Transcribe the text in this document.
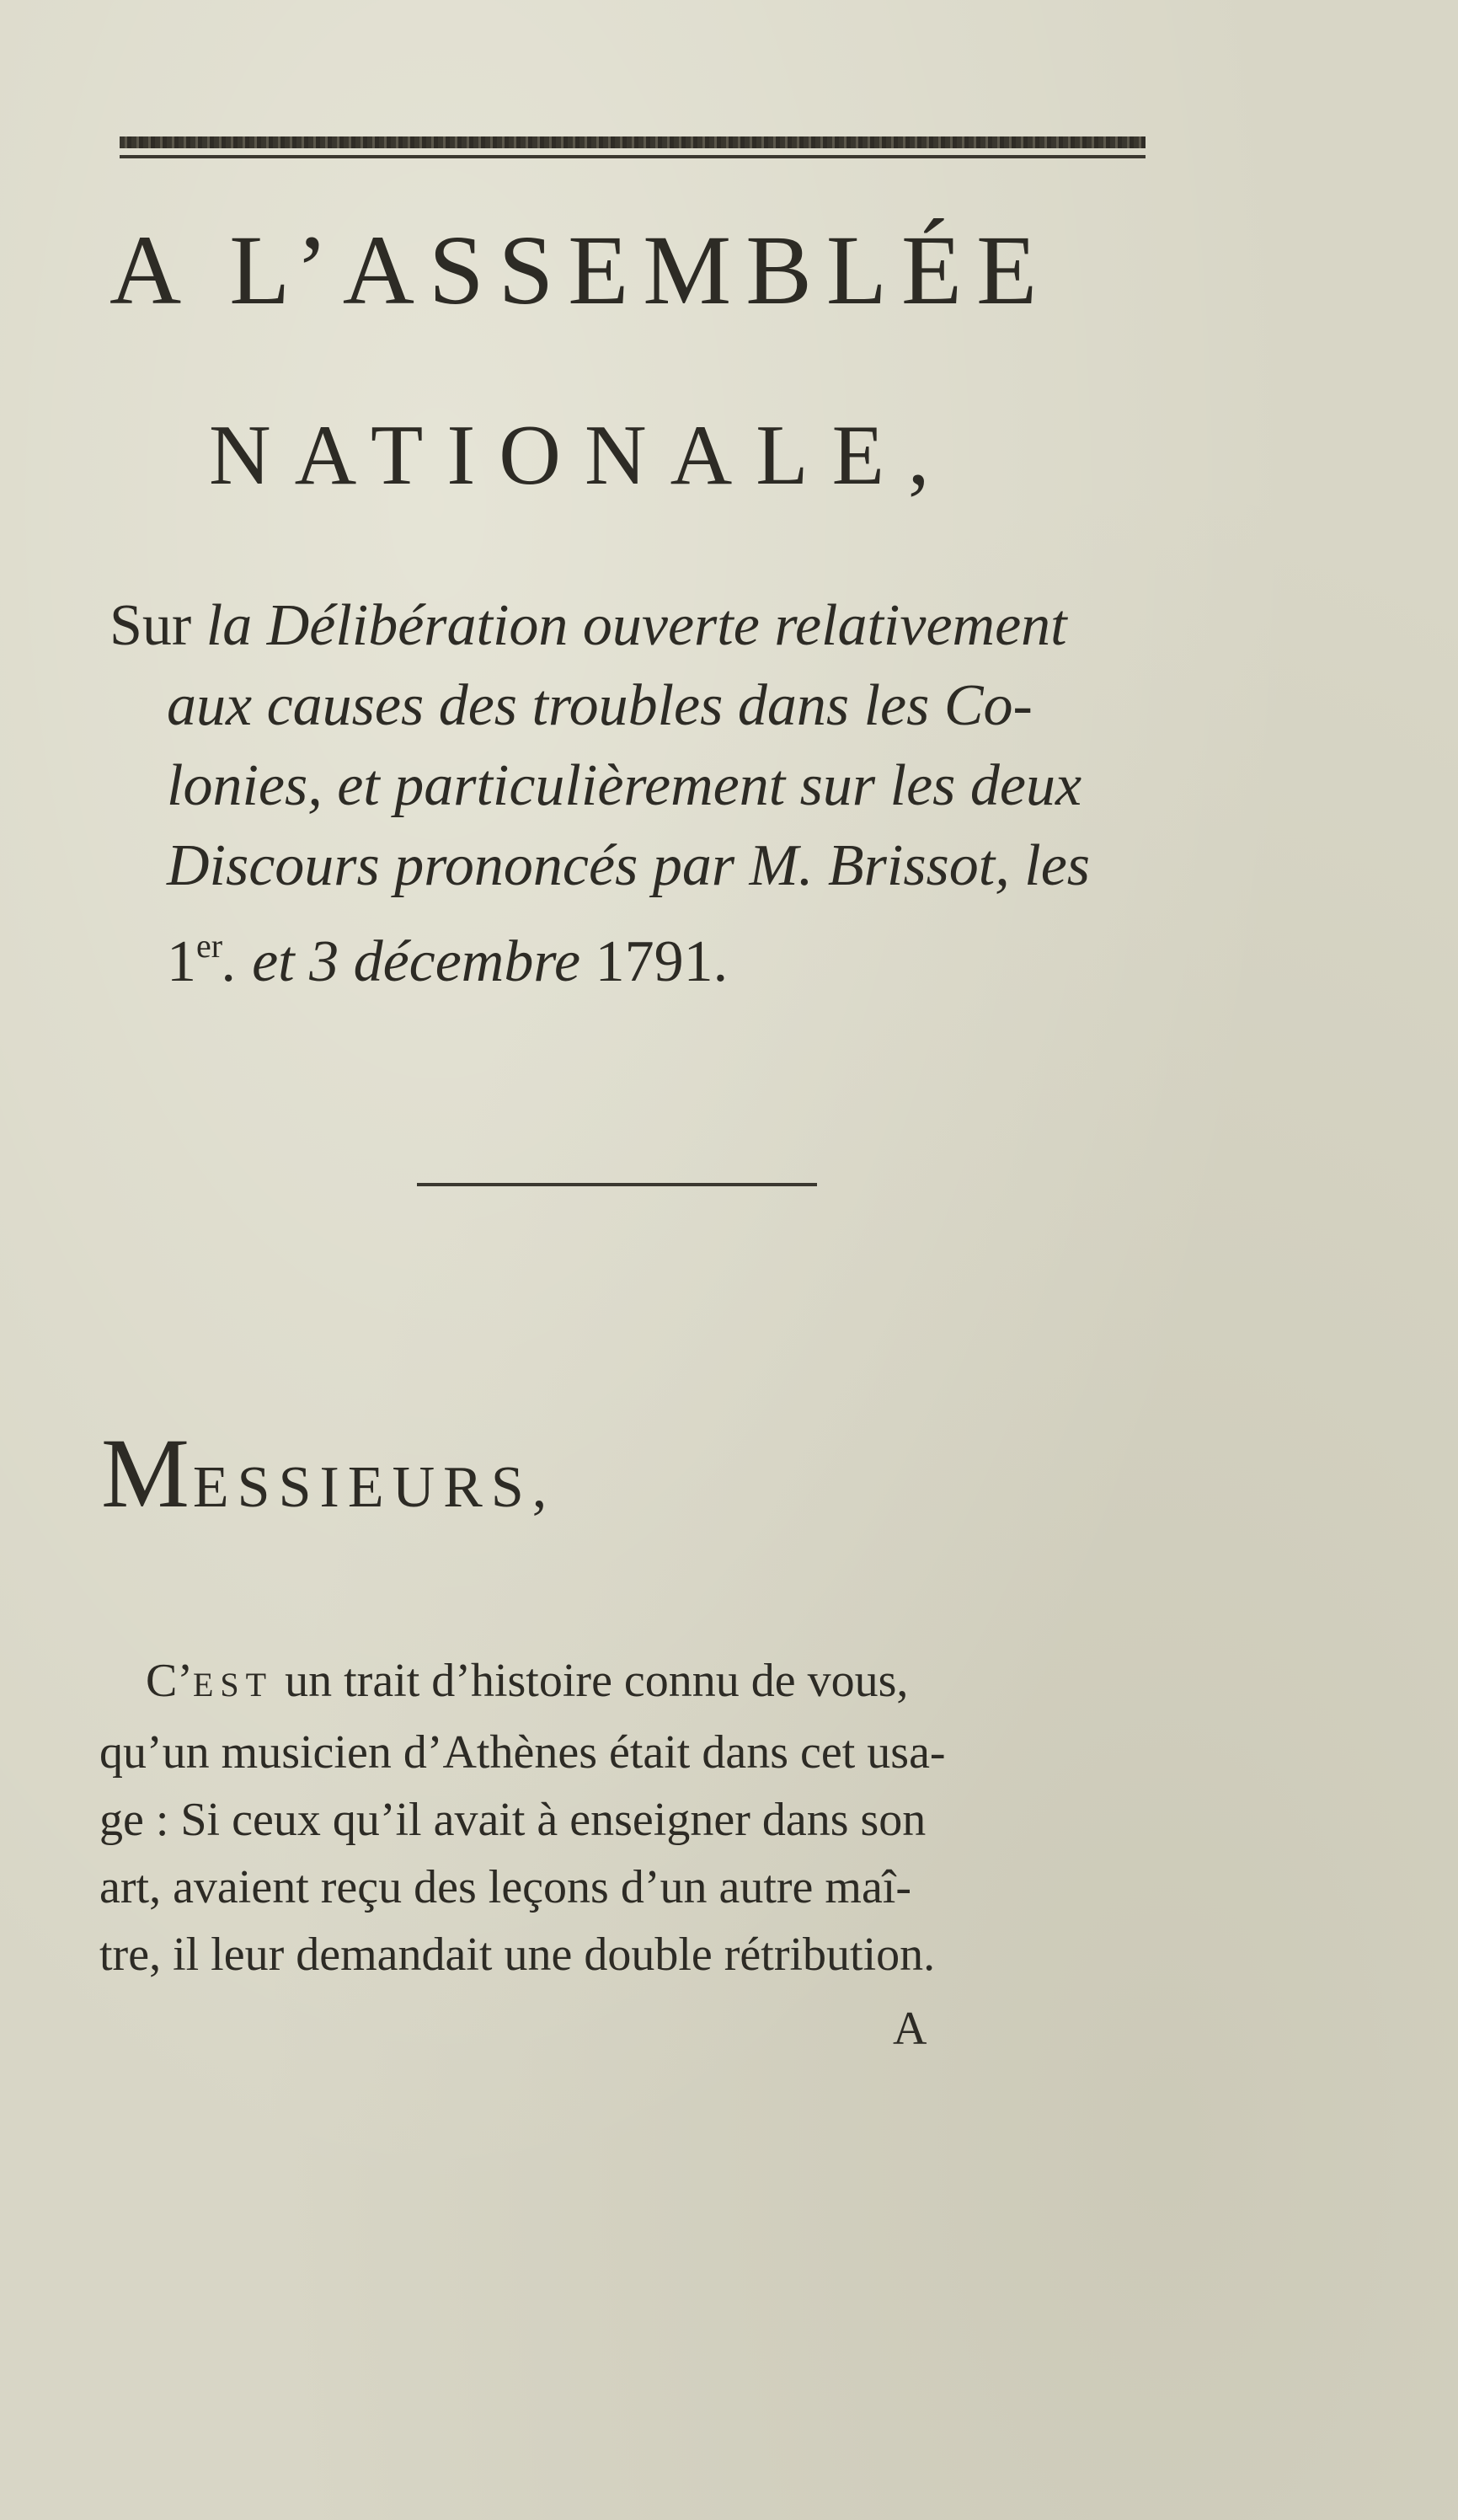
A L’ASSEMBLÉE
NATIONALE,
Sur la Délibération ouverte relativement
aux causes des troubles dans les Co-
lonies, et particulièrement sur les deux
Discours prononcés par M. Brissot, les
1er. et 3 décembre 1791.
MESSIEURS,
C’EST un trait d’histoire connu de vous,
qu’un musicien d’Athènes était dans cet usa-
ge : Si ceux qu’il avait à enseigner dans son
art, avaient reçu des leçons d’un autre maî-
tre, il leur demandait une double rétribution.
A
